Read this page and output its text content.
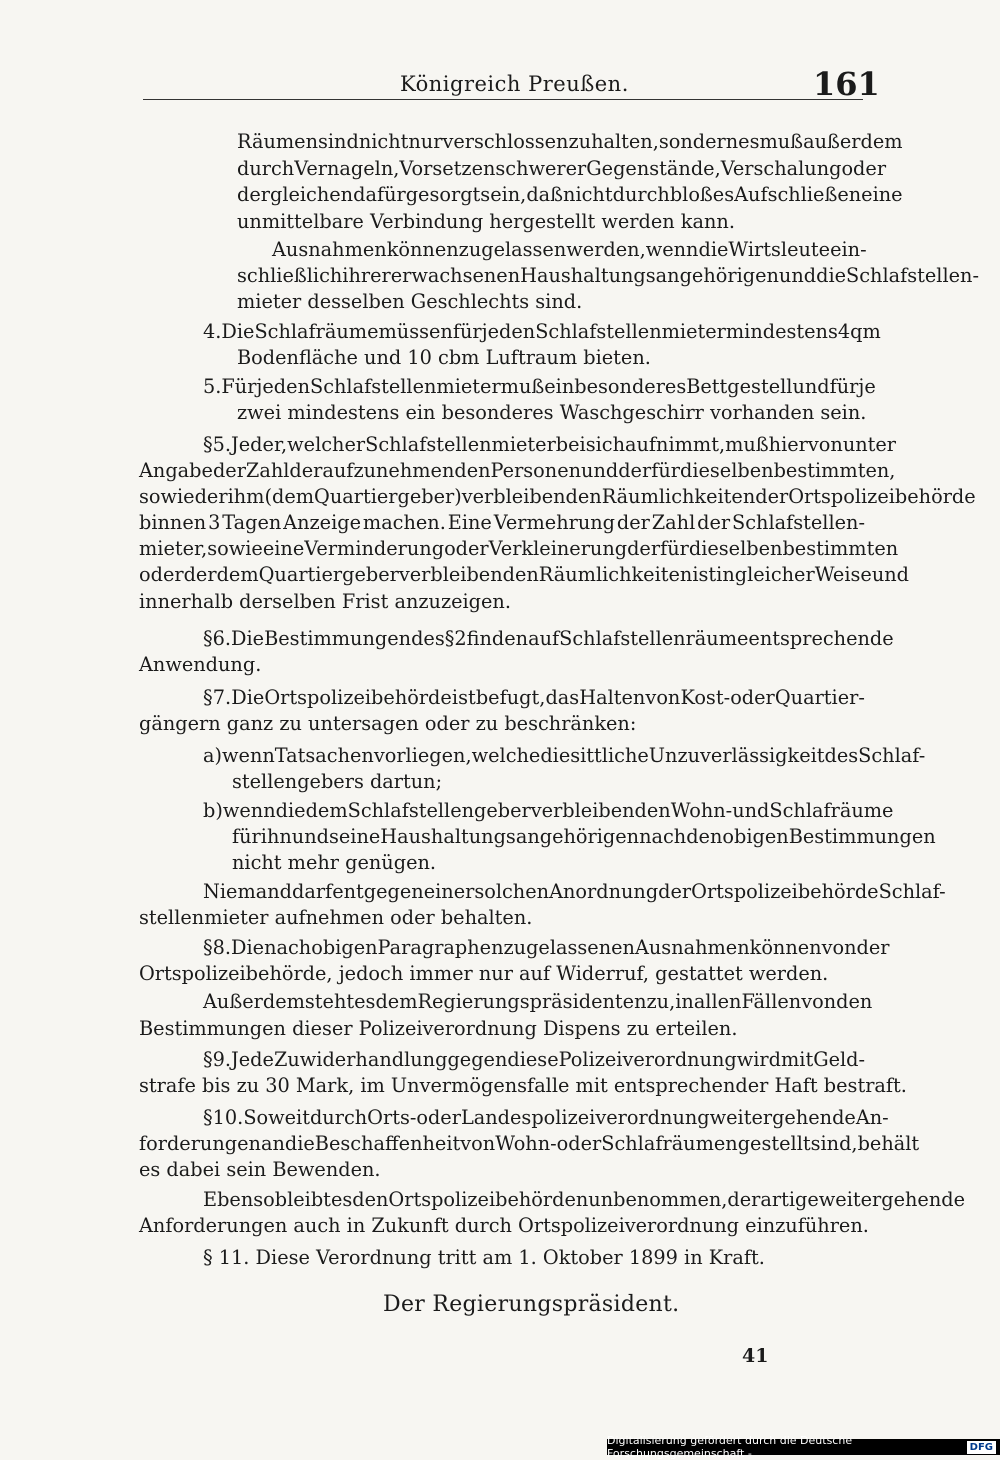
Königreich Preußen.	161
Räumen sind nicht nur verschlossen zu halten, sondern es muß außerdem
durch Vernageln, Vorsetzen schwerer Gegenstände, Verschalung oder
dergleichen dafür gesorgt sein, daß nicht durch bloßes Aufschließen eine
unmittelbare Verbindung hergestellt werden kann.
Ausnahmen können zugelassen werden, wenn die Wirtsleute ein-
schließlich ihrer erwachsenen Haushaltungsangehörigen und die Schlafstellen-
mieter desselben Geschlechts sind.
4. Die Schlafräume müssen für jeden Schlafstellenmieter mindestens 4 qm
Bodenfläche und 10 cbm Luftraum bieten.
5. Für jeden Schlafstellenmieter muß ein besonderes Bettgestell und für je
zwei mindestens ein besonderes Waschgeschirr vorhanden sein.
§ 5. Jeder, welcher Schlafstellenmieter bei sich aufnimmt, muß hiervon unter
Angabe der Zahl der aufzunehmenden Personen und der für dieselben bestimmten,
sowie der ihm (dem Quartiergeber) verbleibenden Räumlichkeiten der Ortspolizeibehörde
binnen 3 Tagen Anzeige machen. Eine Vermehrung der Zahl der Schlafstellen-
mieter, sowie eine Verminderung oder Verkleinerung der für dieselben bestimmten
oder der dem Quartiergeber verbleibenden Räumlichkeiten ist in gleicher Weise und
innerhalb derselben Frist anzuzeigen.
§ 6. Die Bestimmungen des § 2 finden auf Schlafstellenräume entsprechende
Anwendung.
§ 7. Die Ortspolizeibehörde ist befugt, das Halten von Kost- oder Quartier-
gängern ganz zu untersagen oder zu beschränken:
a) wenn Tatsachen vorliegen, welche die sittliche Unzuverlässigkeit des Schlaf-
stellengebers dartun;
b) wenn die dem Schlafstellengeber verbleibenden Wohn- und Schlafräume
für ihn und seine Haushaltungsangehörigen nach den obigen Bestimmungen
nicht mehr genügen.
Niemand darf entgegen einer solchen Anordnung der Ortspolizeibehörde Schlaf-
stellenmieter aufnehmen oder behalten.
§ 8. Die nach obigen Paragraphen zugelassenen Ausnahmen können von der
Ortspolizeibehörde, jedoch immer nur auf Widerruf, gestattet werden.
Außerdem steht es dem Regierungspräsidenten zu, in allen Fällen von den
Bestimmungen dieser Polizeiverordnung Dispens zu erteilen.
§ 9. Jede Zuwiderhandlung gegen diese Polizeiverordnung wird mit Geld-
strafe bis zu 30 Mark, im Unvermögensfalle mit entsprechender Haft bestraft.
§ 10. Soweit durch Orts- oder Landespolizeiverordnung weitergehende An-
forderungen an die Beschaffenheit von Wohn- oder Schlafräumen gestellt sind, behält
es dabei sein Bewenden.
Ebenso bleibt es den Ortspolizeibehörden unbenommen, derartige weitergehende
Anforderungen auch in Zukunft durch Ortspolizeiverordnung einzuführen.
§ 11. Diese Verordnung tritt am 1. Oktober 1899 in Kraft.
Der Regierungspräsident.
41
Digitalisierung gefördert durch die Deutsche Forschungsgemeinschaft -	DFG
